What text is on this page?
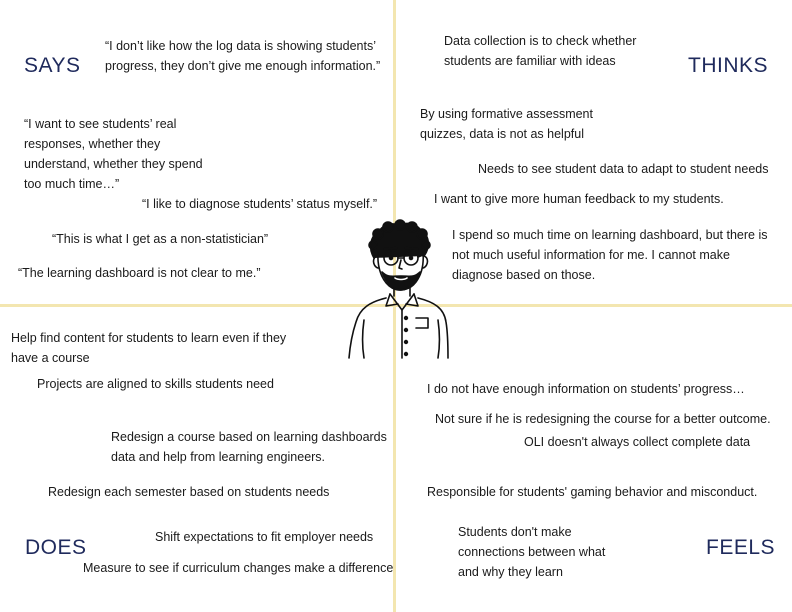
SAYS
“I don’t like how the log data is showing students’
progress, they don’t give me enough information.”
“I want to see students’ real
responses, whether they
understand, whether they spend
too much time…”
“I like to diagnose students’ status myself.”
“This is what I get as a non-statistician”
“The learning dashboard is not clear to me.”
THINKS
Data collection is to check whether
students are familiar with ideas
By using formative assessment
quizzes, data is not as helpful
Needs to see student data to adapt to student needs
I want to give more human feedback to my students.
I spend so much time on learning dashboard, but there is
not much useful information for me. I cannot make
diagnose based on those.
DOES
Help find content for students to learn even if they
have a course
Projects are aligned to skills students need
Redesign a course based on learning dashboards
data and help from learning engineers.
Redesign each semester based on students needs
Shift expectations to fit employer needs
Measure to see if curriculum changes make a difference
FEELS
I do not have enough information on students’ progress…
Not sure if he is redesigning the course for a better outcome.
OLI doesn't always collect complete data
Responsible for students' gaming behavior and misconduct.
Students don't make
connections between what
and why they learn
